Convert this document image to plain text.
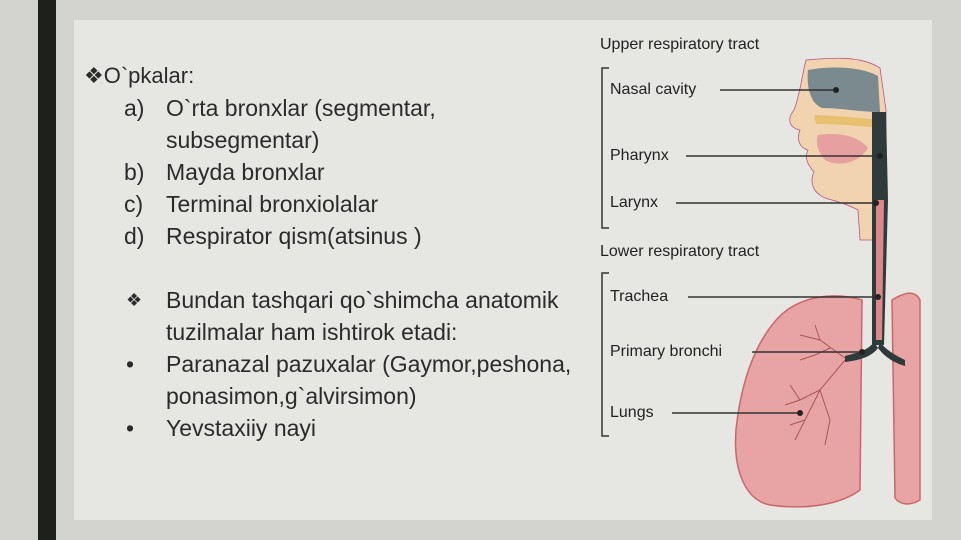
❖O`pkalar:
a) O`rta bronxlar (segmentar,
subsegmentar)
b) Mayda bronxlar
c) Terminal bronxiolalar
d) Respirator qism(atsinus )
❖ Bundan tashqari qo`shimcha anatomik
tuzilmalar ham ishtirok etadi:
• Paranazal pazuxalar (Gaymor,peshona,
ponasimon,g`alvirsimon)
• Yevstaxiiy nayi
Upper respiratory tract
Lower respiratory tract
Nasal cavity
Pharynx
Larynx
Trachea
Primary bronchi
Lungs
